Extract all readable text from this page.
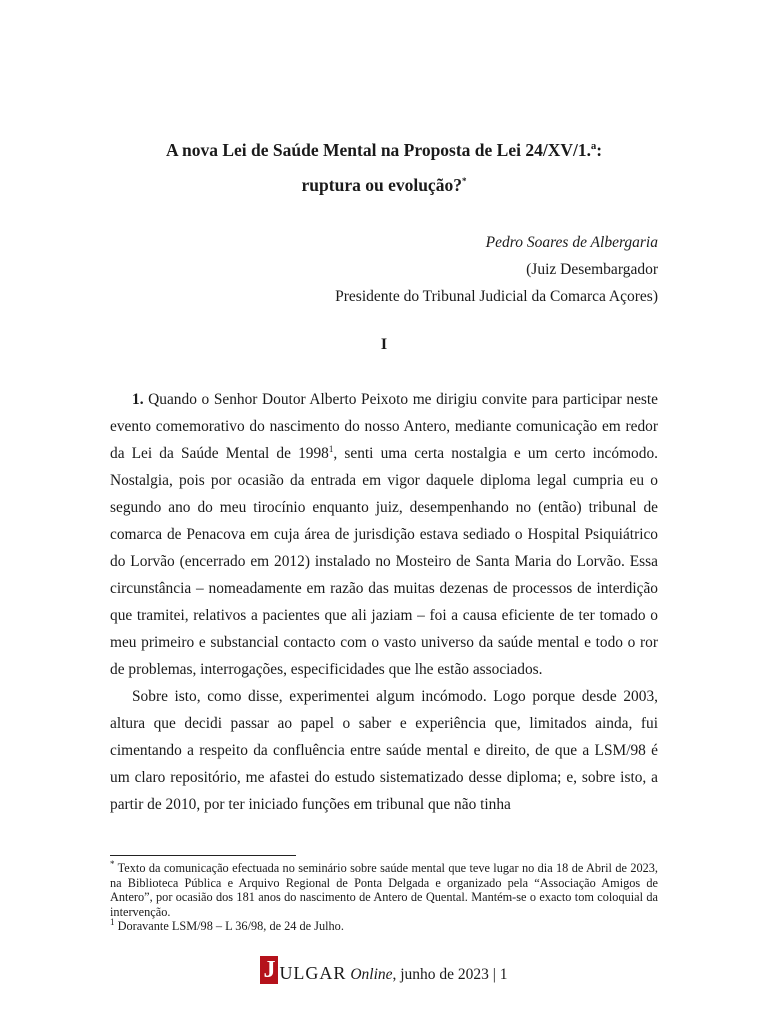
A nova Lei de Saúde Mental na Proposta de Lei 24/XV/1.ª:
ruptura ou evolução?*
Pedro Soares de Albergaria
(Juiz Desembargador
Presidente do Tribunal Judicial da Comarca Açores)
I

1. Quando o Senhor Doutor Alberto Peixoto me dirigiu convite para participar neste evento comemorativo do nascimento do nosso Antero, mediante comunicação em redor da Lei da Saúde Mental de 1998$^1$, senti uma certa nostalgia e um certo incómodo. Nostalgia, pois por ocasião da entrada em vigor daquele diploma legal cumpria eu o segundo ano do meu tirocínio enquanto juiz, desempenhando no (então) tribunal de comarca de Penacova em cuja área de jurisdição estava sediado o Hospital Psiquiátrico do Lorvão (encerrado em 2012) instalado no Mosteiro de Santa Maria do Lorvão. Essa circunstância – nomeadamente em razão das muitas dezenas de processos de interdição que tramitei, relativos a pacientes que ali jaziam – foi a causa eficiente de ter tomado o meu primeiro e substancial contacto com o vasto universo da saúde mental e todo o ror de problemas, interrogações, especificidades que lhe estão associados.

Sobre isto, como disse, experimentei algum incómodo. Logo porque desde 2003, altura que decidi passar ao papel o saber e experiência que, limitados ainda, fui cimentando a respeito da confluência entre saúde mental e direito, de que a LSM/98 é um claro repositório, me afastei do estudo sistematizado desse diploma; e, sobre isto, a partir de 2010, por ter iniciado funções em tribunal que não tinha

* Texto da comunicação efectuada no seminário sobre saúde mental que teve lugar no dia 18 de Abril de 2023, na Biblioteca Pública e Arquivo Regional de Ponta Delgada e organizado pela “Associação Amigos de Antero”, por ocasião dos 181 anos do nascimento de Antero de Quental. Mantém-se o exacto tom coloquial da intervenção.

$^1$ Doravante LSM/98 – L 36/98, de 24 de Julho.

J ULGAR Online, junho de 2023 | 1
